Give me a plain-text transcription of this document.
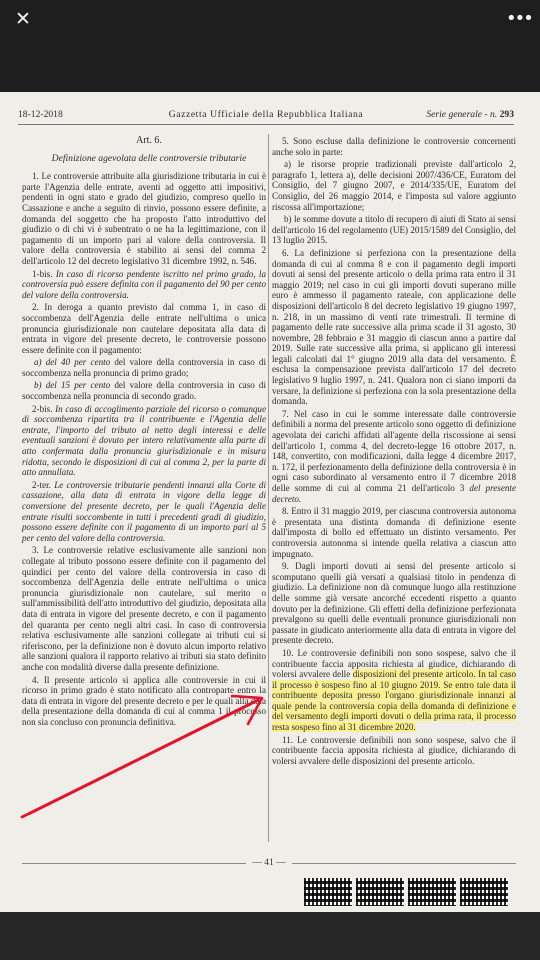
✕	•••
18-12-2018	Gazzetta Ufficiale della Repubblica Italiana	Serie generale - n. 293

Art. 6.

Definizione agevolata delle controversie tributarie

1. Le controversie attribuite alla giurisdizione tributaria in cui è parte l'Agenzia delle entrate, aventi ad oggetto atti impositivi, pendenti in ogni stato e grado del giudizio, compreso quello in Cassazione e anche a seguito di rinvio, possono essere definite, a domanda del soggetto che ha proposto l'atto introduttivo del giudizio o di chi vi è subentrato o ne ha la legittimazione, con il pagamento di un importo pari al valore della controversia. Il valore della controversia è stabilito ai sensi del comma 2 dell'articolo 12 del decreto legislativo 31 dicembre 1992, n. 546.

1-bis. In caso di ricorso pendente iscritto nel primo grado, la controversia può essere definita con il pagamento del 90 per cento del valore della controversia.

2. In deroga a quanto previsto dal comma 1, in caso di soccombenza dell'Agenzia delle entrate nell'ultima o unica pronuncia giurisdizionale non cautelare depositata alla data di entrata in vigore del presente decreto, le controversie possono essere definite con il pagamento:

a) del 40 per cento del valore della controversia in caso di soccombenza nella pronuncia di primo grado;

b) del 15 per cento del valore della controversia in caso di soccombenza nella pronuncia di secondo grado.

2-bis. In caso di accoglimento parziale del ricorso o comunque di soccombenza ripartita tra il contribuente e l'Agenzia delle entrate, l'importo del tributo al netto degli interessi e delle eventuali sanzioni è dovuto per intero relativamente alla parte di atto confermata dalla pronuncia giurisdizionale e in misura ridotta, secondo le disposizioni di cui al comma 2, per la parte di atto annullata.

2-ter. Le controversie tributarie pendenti innanzi alla Corte di cassazione, alla data di entrata in vigore della legge di conversione del presente decreto, per le quali l'Agenzia delle entrate risulti soccombente in tutti i precedenti gradi di giudizio, possono essere definite con il pagamento di un importo pari al 5 per cento del valore della controversia.

3. Le controversie relative esclusivamente alle sanzioni non collegate al tributo possono essere definite con il pagamento del quindici per cento del valore della controversia in caso di soccombenza dell'Agenzia delle entrate nell'ultima o unica pronuncia giurisdizionale non cautelare, sul merito o sull'ammissibilità dell'atto introduttivo del giudizio, depositata alla data di entrata in vigore del presente decreto, e con il pagamento del quaranta per cento negli altri casi. In caso di controversia relativa esclusivamente alle sanzioni collegate ai tributi cui si riferiscono, per la definizione non è dovuto alcun importo relativo alle sanzioni qualora il rapporto relativo ai tributi sia stato definito anche con modalità diverse dalla presente definizione.

4. Il presente articolo si applica alle controversie in cui il ricorso in primo grado è stato notificato alla controparte entro la data di entrata in vigore del presente decreto e per le quali alla data della presentazione della domanda di cui al comma 1 il processo non sia concluso con pronuncia definitiva.

5. Sono escluse dalla definizione le controversie concernenti anche solo in parte:

a) le risorse proprie tradizionali previste dall'articolo 2, paragrafo 1, lettera a), delle decisioni 2007/436/CE, Euratom del Consiglio, del 7 giugno 2007, e 2014/335/UE, Euratom del Consiglio, del 26 maggio 2014, e l'imposta sul valore aggiunto riscossa all'importazione;

b) le somme dovute a titolo di recupero di aiuti di Stato ai sensi dell'articolo 16 del regolamento (UE) 2015/1589 del Consiglio, del 13 luglio 2015.

6. La definizione si perfeziona con la presentazione della domanda di cui al comma 8 e con il pagamento degli importi dovuti ai sensi del presente articolo o della prima rata entro il 31 maggio 2019; nel caso in cui gli importi dovuti superano mille euro è ammesso il pagamento rateale, con applicazione delle disposizioni dell'articolo 8 del decreto legislativo 19 giugno 1997, n. 218, in un massimo di venti rate trimestrali. Il termine di pagamento delle rate successive alla prima scade il 31 agosto, 30 novembre, 28 febbraio e 31 maggio di ciascun anno a partire dal 2019. Sulle rate successive alla prima, si applicano gli interessi legali calcolati dal 1° giugno 2019 alla data del versamento. È esclusa la compensazione prevista dall'articolo 17 del decreto legislativo 9 luglio 1997, n. 241. Qualora non ci siano importi da versare, la definizione si perfeziona con la sola presentazione della domanda.

7. Nel caso in cui le somme interessate dalle controversie definibili a norma del presente articolo sono oggetto di definizione agevolata dei carichi affidati all'agente della riscossione ai sensi dell'articolo 1, comma 4, del decreto-legge 16 ottobre 2017, n. 148, convertito, con modificazioni, dalla legge 4 dicembre 2017, n. 172, il perfezionamento della definizione della controversia è in ogni caso subordinato al versamento entro il 7 dicembre 2018 delle somme di cui al comma 21 dell'articolo 3 del presente decreto.

8. Entro il 31 maggio 2019, per ciascuna controversia autonoma è presentata una distinta domanda di definizione esente dall'imposta di bollo ed effettuato un distinto versamento. Per controversia autonoma si intende quella relativa a ciascun atto impugnato.

9. Dagli importi dovuti ai sensi del presente articolo si scomputano quelli già versati a qualsiasi titolo in pendenza di giudizio. La definizione non dà comunque luogo alla restituzione delle somme già versate ancorché eccedenti rispetto a quanto dovuto per la definizione. Gli effetti della definizione perfezionata prevalgono su quelli delle eventuali pronunce giurisdizionali non passate in giudicato anteriormente alla data di entrata in vigore del presente decreto.

10. Le controversie definibili non sono sospese, salvo che il contribuente faccia apposita richiesta al giudice, dichiarando di volersi avvalere delle disposizioni del presente articolo. In tal caso il processo è sospeso fino al 10 giugno 2019. Se entro tale data il contribuente deposita presso l'organo giurisdizionale innanzi al quale pende la controversia copia della domanda di definizione e del versamento degli importi dovuti o della prima rata, il processo resta sospeso fino al 31 dicembre 2020.

11. Le controversie definibili non sono sospese, salvo che il contribuente faccia apposita richiesta al giudice, dichiarando di volersi avvalere delle disposizioni del presente articolo.

— 41 —
